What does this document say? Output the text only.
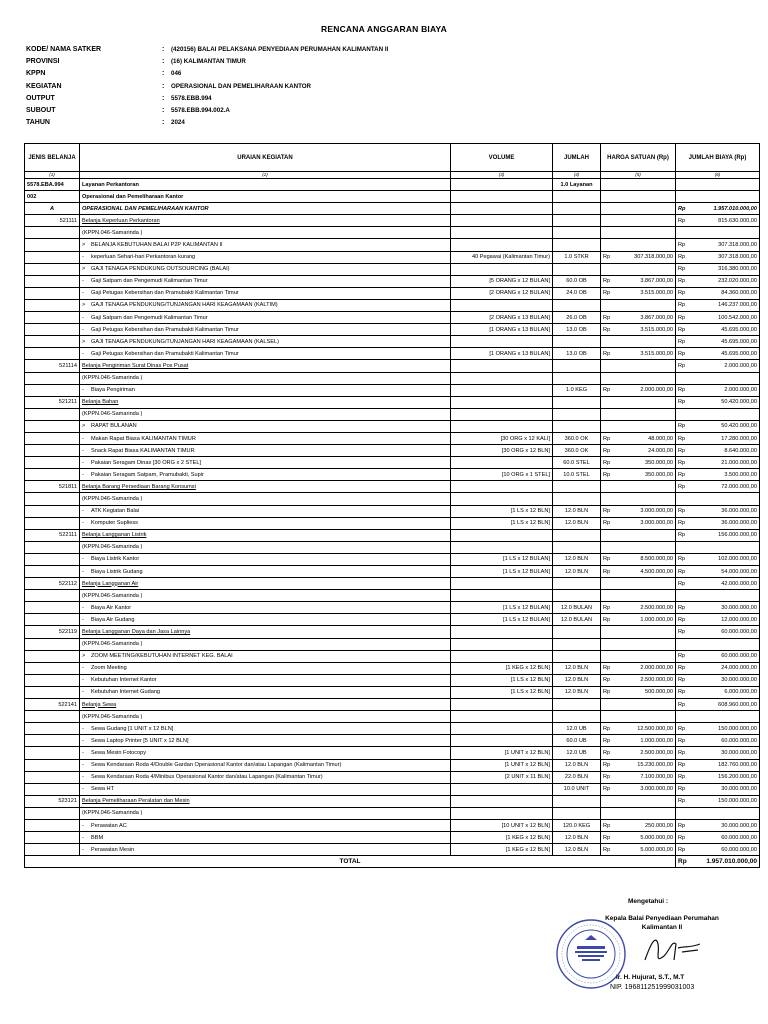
RENCANA ANGGARAN BIAYA
KODE/ NAMA SATKER	:	(420156) BALAI PELAKSANA PENYEDIAAN PERUMAHAN KALIMANTAN II
PROVINSI	:	(16) KALIMANTAN TIMUR
KPPN	:	046
KEGIATAN	:	OPERASIONAL DAN PEMELIHARAAN KANTOR
OUTPUT	:	5578.EBB.994
SUBOUT	:	5578.EBB.994.002.A
TAHUN	:	2024
JENIS BELANJA	URAIAN KEGIATAN	VOLUME	JUMLAH	HARGA SATUAN (Rp)	JUMLAH BIAYA (Rp)
(1)	(2)	(3)	(4)	(5)	(6)
5578.EBA.994	Layanan Perkantoran		1.0 Layanan		
002	Operasional dan Pemeliharaan Kantor				
A	OPERASIONAL DAN PEMELIHARAAN KANTOR				Rp 1.957.010.000,00

521111	Belanja Keperluan Perkantoran				Rp 815.630.000,00

	(KPPN.046-Samarinda )				
	> BELANJA KEBUTUHAN BALAI P2P KALIMANTAN II				Rp 307.318.000,00

	- keperluan Sehari-hari Perkantoran kurang	40 Pegawai (Kalimantan Timur)	1.0 STKR	Rp 307.318.000,00	Rp 307.318.000,00

	> GAJI TENAGA PENDUKUNG OUTSOURCING (BALAI)				Rp 316.380.000,00

	- Gaji Satpam dan Pengemudi Kalimantan Timur	[5 ORANG x 12 BULAN]	60.0 OB	Rp 3.867.000,00	Rp 232.020.000,00

	- Gaji Petugas Kebersihan dan Pramubakti Kalimantan Timur	[2 ORANG x 12 BULAN]	24.0 OB	Rp 3.515.000,00	Rp 84.360.000,00

	> GAJI TENAGA PENDUKUNG/TUNJANGAN HARI KEAGAMAAN (KALTIM)				Rp 146.237.000,00

	- Gaji Satpam dan Pengemudi Kalimantan Timur	[2 ORANG x 13 BULAN]	26.0 OB	Rp 3.867.000,00	Rp 100.542.000,00

	- Gaji Petugas Kebersihan dan Pramubakti Kalimantan Timur	[1 ORANG x 13 BULAN]	13.0 OB	Rp 3.515.000,00	Rp 45.695.000,00

	> GAJI TENAGA PENDUKUNG/TUNJANGAN HARI KEAGAMAAN (KALSEL)				Rp 45.695.000,00

	- Gaji Petugas Kebersihan dan Pramubakti Kalimantan Timur	[1 ORANG x 13 BULAN]	13.0 OB	Rp 3.515.000,00	Rp 45.695.000,00

521114	Belanja Pengiriman Surat Dinas Pos Pusat				Rp 2.000.000,00

	(KPPN.046-Samarinda )				
	- Biaya Pengiriman		1.0 KEG	Rp 2.000.000,00	Rp 2.000.000,00

521211	Belanja Bahan				Rp 50.420.000,00

	(KPPN.046-Samarinda )				
	> RAPAT BULANAN				Rp 50.420.000,00

	- Makan Rapat Biasa KALIMANTAN TIMUR	[30 ORG x 12 KALI]	360.0 OK	Rp 48.000,00	Rp 17.280.000,00

	- Snack Rapat Biasa KALIMANTAN TIMUR	[30 ORG x 12 BLN]	360.0 OK	Rp 24.000,00	Rp 8.640.000,00

	- Pakaian Seragam Dinas [30 ORG x 2 STEL]		60.0 STEL	Rp 350.000,00	Rp 21.000.000,00

	- Pakaian Seragam Satpam, Pramubakti, Supir	[10 ORG x 1 STEL]	10.0 STEL	Rp 350.000,00	Rp 3.500.000,00

521811	Belanja Barang Persediaan Barang Konsumsi				Rp 72.000.000,00

	(KPPN.046-Samarinda )				
	- ATK Kegiatan Balai	[1 LS x 12 BLN]	12.0 BLN	Rp 3.000.000,00	Rp 36.000.000,00

	- Komputer Supliess	[1 LS x 12 BLN]	12.0 BLN	Rp 3.000.000,00	Rp 36.000.000,00

522111	Belanja Langganan Listrik				Rp 156.000.000,00

	(KPPN.046-Samarinda )				
	- Biaya Listrik Kantor	[1 LS x 12 BULAN]	12.0 BLN	Rp 8.500.000,00	Rp 102.000.000,00

	- Biaya Listrik Gudang	[1 LS x 12 BULAN]	12.0 BLN	Rp 4.500.000,00	Rp 54.000.000,00

522112	Belanja Langganan Air				Rp 42.000.000,00

	(KPPN.046-Samarinda )				
	- Biaya Air Kantor	[1 LS x 12 BULAN]	12.0 BULAN	Rp 2.500.000,00	Rp 30.000.000,00

	- Biaya Air Gudang	[1 LS x 12 BULAN]	12.0 BULAN	Rp 1.000.000,00	Rp 12.000.000,00

522119	Belanja Langganan Daya dan Jasa Lainnya				Rp 60.000.000,00

	(KPPN.046-Samarinda )				
	> ZOOM MEETING/KEBUTUHAN INTERNET KEG. BALAI				Rp 60.000.000,00

	- Zoom Meeting	[1 KEG x 12 BLN]	12.0 BLN	Rp 2.000.000,00	Rp 24.000.000,00

	- Kebutuhan Internet Kantor	[1 LS x 12 BLN]	12.0 BLN	Rp 2.500.000,00	Rp 30.000.000,00

	- Kebutuhan Internet Gudang	[1 LS x 12 BLN]	12.0 BLN	Rp 500.000,00	Rp 6.000.000,00

522141	Belanja Sewa				Rp 608.960.000,00

	(KPPN.046-Samarinda )				
	- Sewa Gudang [1 UNIT x 12 BLN]		12.0 UB	Rp 12.500.000,00	Rp 150.000.000,00

	- Sewa Laptop Printer [5 UNIT x 12 BLN]		60.0 UB	Rp 1.000.000,00	Rp 60.000.000,00

	- Sewa Mesin Fotocopy	[1 UNIT x 12 BLN]	12.0 UB	Rp 2.500.000,00	Rp 30.000.000,00

	- Sewa Kendaraan Roda 4/Double Gardan Operasional Kantor dan/atau Lapangan (Kalimantan Timur)	[1 UNIT x 12 BLN]	12.0 BLN	Rp 15.230.000,00	Rp 182.760.000,00

	- Sewa Kendaraan Roda 4/Minibus Operasional Kantor dan/atau Lapangan (Kalimantan Timur)	[2 UNIT x 11 BLN]	22.0 BLN	Rp 7.100.000,00	Rp 156.200.000,00

	- Sewa HT		10.0 UNIT	Rp 3.000.000,00	Rp 30.000.000,00

523121	Belanja Pemeliharaan Peralatan dan Mesin				Rp 150.000.000,00

	(KPPN.046-Samarinda )				
	- Perawatan AC	[10 UNIT x 12 BLN]	120.0 KEG	Rp 250.000,00	Rp 30.000.000,00

	- BBM	[1 KEG x 12 BLN]	12.0 BLN	Rp 5.000.000,00	Rp 60.000.000,00

	- Perawatan Mesin	[1 KEG x 12 BLN]	12.0 BLN	Rp 5.000.000,00	Rp 60.000.000,00

TOTAL					Rp 1.957.010.000,00
Mengetahui :
Kepala Balai Penyediaan Perumahan Kalimantan II
Ir. H. Hujurat, S.T., M.T
NIP. 196811251999031003
